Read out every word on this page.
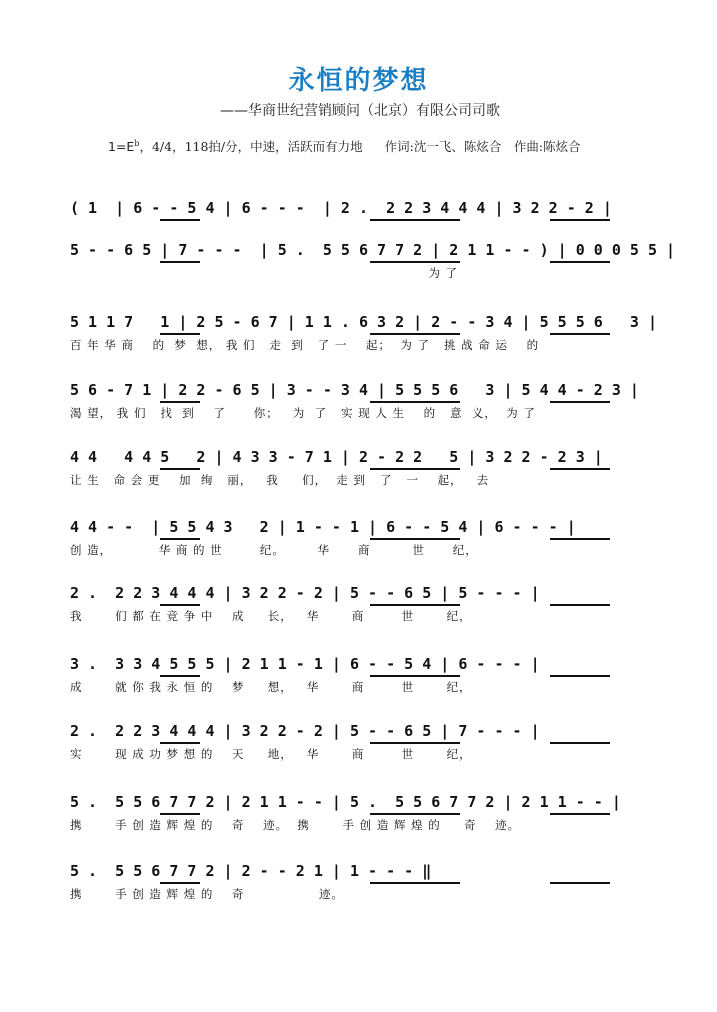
永恒的梦想
——华商世纪营销顾问（北京）有限公司司歌
$1=E^b$，4/4，118拍/分，中速，活跃而有力地 作词:沈一飞、陈炫合　作曲:陈炫合
( 1  | 6 - - 5 4 | 6 - - -  | 2 .  2 2 3 4 4 4 | 3 2 2 - 2 |
5 - - 6 5 | 7 - - -  | 5 .  5 5 6 7 7 2 | 2 1 1 - - ) | 0 0 0 5 5 |
为 了
5 1 1 7   1 | 2 5 - 6 7 | 1 1 . 6 3 2 | 2 - - 3 4 | 5 5 5 6   3 |
百 年 华 商    的  梦  想， 我 们   走  到   了 一    起；  为 了   挑 战 命 运    的
5 6 - 7 1 | 2 2 - 6 5 | 3 - - 3 4 | 5 5 5 6   3 | 5 4 4 - 2 3 |
渴 望， 我 们   找  到    了      你；   为  了   实 现 人 生    的   意  义，  为 了
4 4   4 4 5   2 | 4 3 3 - 7 1 | 2 - 2 2   5 | 3 2 2 - 2 3 |
让 生   命 会 更    加  绚   丽，   我     们，  走 到   了   一    起，   去
4 4 - -  | 5 5 4 3   2 | 1 - - 1 | 6 - - 5 4 | 6 - - - |
创 造，          华 商 的 世        纪。       华      商         世      纪，
2 .  2 2 3 4 4 4 | 3 2 2 - 2 | 5 - - 6 5 | 5 - - - |
我       们 都 在 竞 争 中    成     长，   华       商        世       纪，
3 .  3 3 4 5 5 5 | 2 1 1 - 1 | 6 - - 5 4 | 6 - - - |
成       就 你 我 永 恒 的    梦     想，   华       商        世       纪，
2 .  2 2 3 4 4 4 | 3 2 2 - 2 | 5 - - 6 5 | 7 - - - |
实       现 成 功 梦 想 的    天     地，   华       商        世       纪，
5 .  5 5 6 7 7 2 | 2 1 1 - - | 5 .  5 5 6 7 7 2 | 2 1 1 - - |
携       手 创 造 辉 煌 的    奇    迹。  携       手 创 造 辉 煌 的     奇    迹。
5 .  5 5 6 7 7 2 | 2 - - 2 1 | 1 - - - ‖
携       手 创 造 辉 煌 的    奇                迹。
